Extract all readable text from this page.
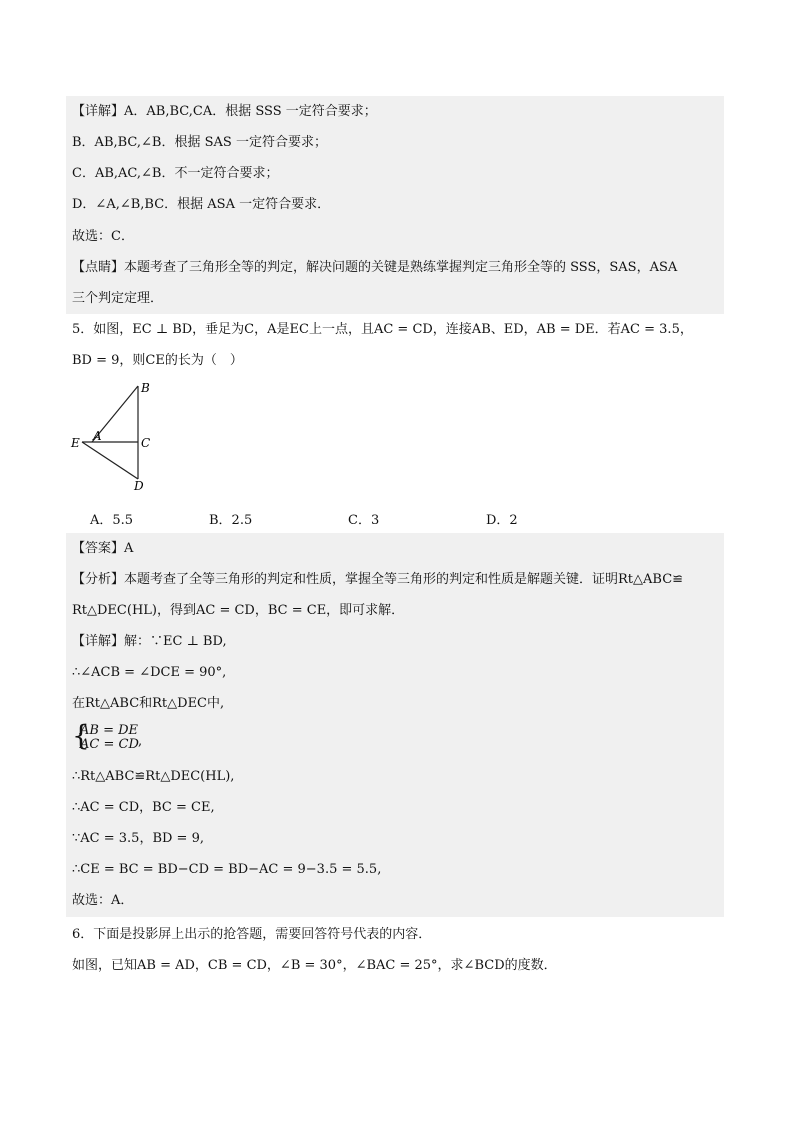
【详解】A．AB,BC,CA．根据 SSS 一定符合要求；
B．AB,BC,∠B．根据 SAS 一定符合要求；
C．AB,AC,∠B．不一定符合要求；
D．∠A,∠B,BC．根据 ASA 一定符合要求．
故选：C．
【点睛】本题考查了三角形全等的判定，解决问题的关键是熟练掌握判定三角形全等的 SSS，SAS，ASA
三个判定定理．
5．如图，EC ⊥ BD，垂足为C，A是EC上一点，且AC = CD，连接AB、ED，AB = DE．若AC = 3.5，
BD = 9，则CE的长为（　）
B
A	C
E
D
A．5.5	B．2.5	C．3	D．2
【答案】A
【分析】本题考查了全等三角形的判定和性质，掌握全等三角形的判定和性质是解题关键．证明Rt△ABC≌
Rt△DEC(HL)，得到AC = CD，BC = CE，即可求解．
【详解】解：∵EC ⊥ BD,
∴∠ACB = ∠DCE = 90°,
在Rt△ABC和Rt△DEC中,
{
AB = DE
AC = CD ,
∴Rt△ABC≌Rt△DEC(HL),
∴AC = CD，BC = CE,
∵AC = 3.5，BD = 9,
∴CE = BC = BD−CD = BD−AC = 9−3.5 = 5.5,
故选：A．
6．下面是投影屏上出示的抢答题，需要回答符号代表的内容．
如图，已知AB = AD，CB = CD，∠B = 30°，∠BAC = 25°，求∠BCD的度数．
